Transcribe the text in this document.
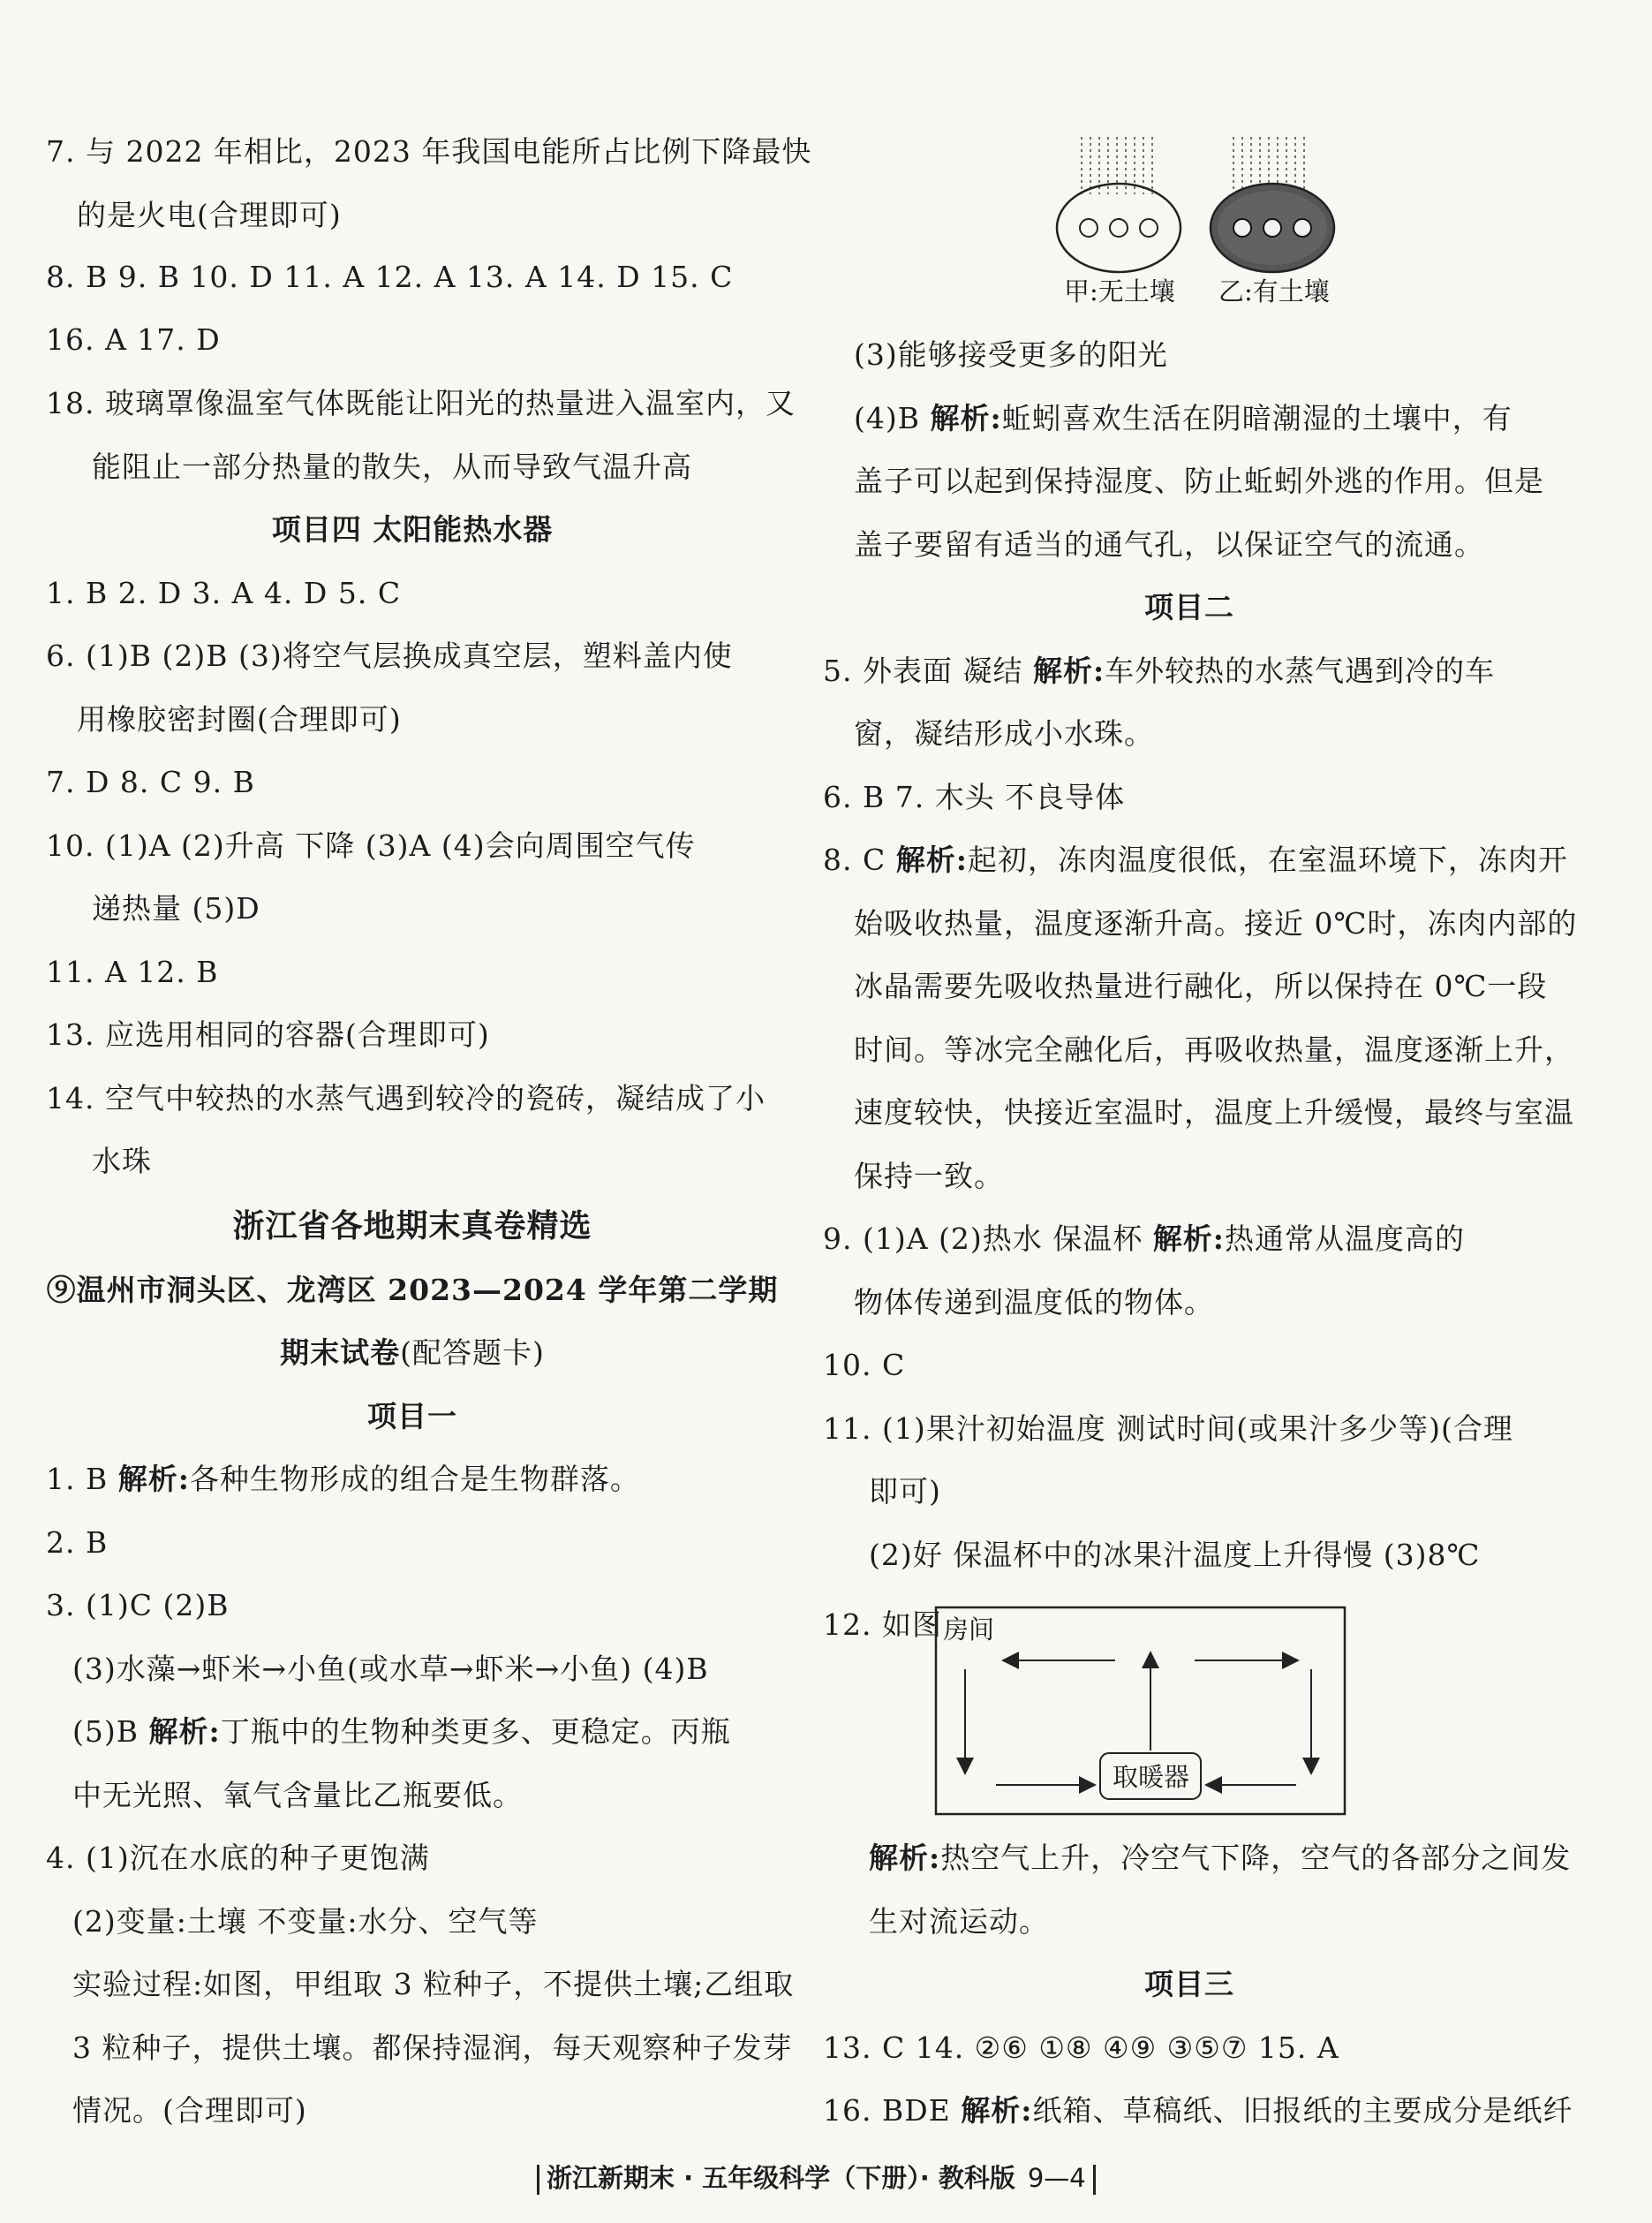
7. 与 2022 年相比，2023 年我国电能所占比例下降最快
的是火电(合理即可)
8. B 9. B 10. D 11. A 12. A 13. A 14. D 15. C
16. A 17. D
18. 玻璃罩像温室气体既能让阳光的热量进入温室内，又
能阻止一部分热量的散失，从而导致气温升高
项目四 太阳能热水器
1. B 2. D 3. A 4. D 5. C
6. (1)B (2)B (3)将空气层换成真空层，塑料盖内使
用橡胶密封圈(合理即可)
7. D 8. C 9. B
10. (1)A (2)升高 下降 (3)A (4)会向周围空气传
递热量 (5)D
11. A 12. B
13. 应选用相同的容器(合理即可)
14. 空气中较热的水蒸气遇到较冷的瓷砖，凝结成了小
水珠
浙江省各地期末真卷精选
⑨温州市洞头区、龙湾区 2023—2024 学年第二学期
期末试卷(配答题卡)
项目一
1. B 解析:各种生物形成的组合是生物群落。
2. B
3. (1)C (2)B
(3)水藻→虾米→小鱼(或水草→虾米→小鱼) (4)B
(5)B 解析:丁瓶中的生物种类更多、更稳定。丙瓶
中无光照、氧气含量比乙瓶要低。
4. (1)沉在水底的种子更饱满
(2)变量:土壤 不变量:水分、空气等
实验过程:如图，甲组取 3 粒种子，不提供土壤;乙组取
3 粒种子，提供土壤。都保持湿润，每天观察种子发芽
情况。(合理即可)
甲:无土壤 乙:有土壤
(3)能够接受更多的阳光
(4)B 解析:蚯蚓喜欢生活在阴暗潮湿的土壤中，有
盖子可以起到保持湿度、防止蚯蚓外逃的作用。但是
盖子要留有适当的通气孔，以保证空气的流通。
项目二
5. 外表面 凝结 解析:车外较热的水蒸气遇到冷的车
窗，凝结形成小水珠。
6. B 7. 木头 不良导体
8. C 解析:起初，冻肉温度很低，在室温环境下，冻肉开
始吸收热量，温度逐渐升高。接近 0℃时，冻肉内部的
冰晶需要先吸收热量进行融化，所以保持在 0℃一段
时间。等冰完全融化后，再吸收热量，温度逐渐上升，
速度较快，快接近室温时，温度上升缓慢，最终与室温
保持一致。
9. (1)A (2)热水 保温杯 解析:热通常从温度高的
物体传递到温度低的物体。
10. C
11. (1)果汁初始温度 测试时间(或果汁多少等)(合理
即可)
(2)好 保温杯中的冰果汁温度上升得慢 (3)8℃
12. 如图
解析:热空气上升，冷空气下降，空气的各部分之间发
生对流运动。
项目三
13. C 14. ②⑥ ①⑧ ④⑨ ③⑤⑦ 15. A
16. BDE 解析:纸箱、草稿纸、旧报纸的主要成分是纸纤
房间
取暖器
浙江新期末 · 五年级科学（下册）· 教科版 9—4
